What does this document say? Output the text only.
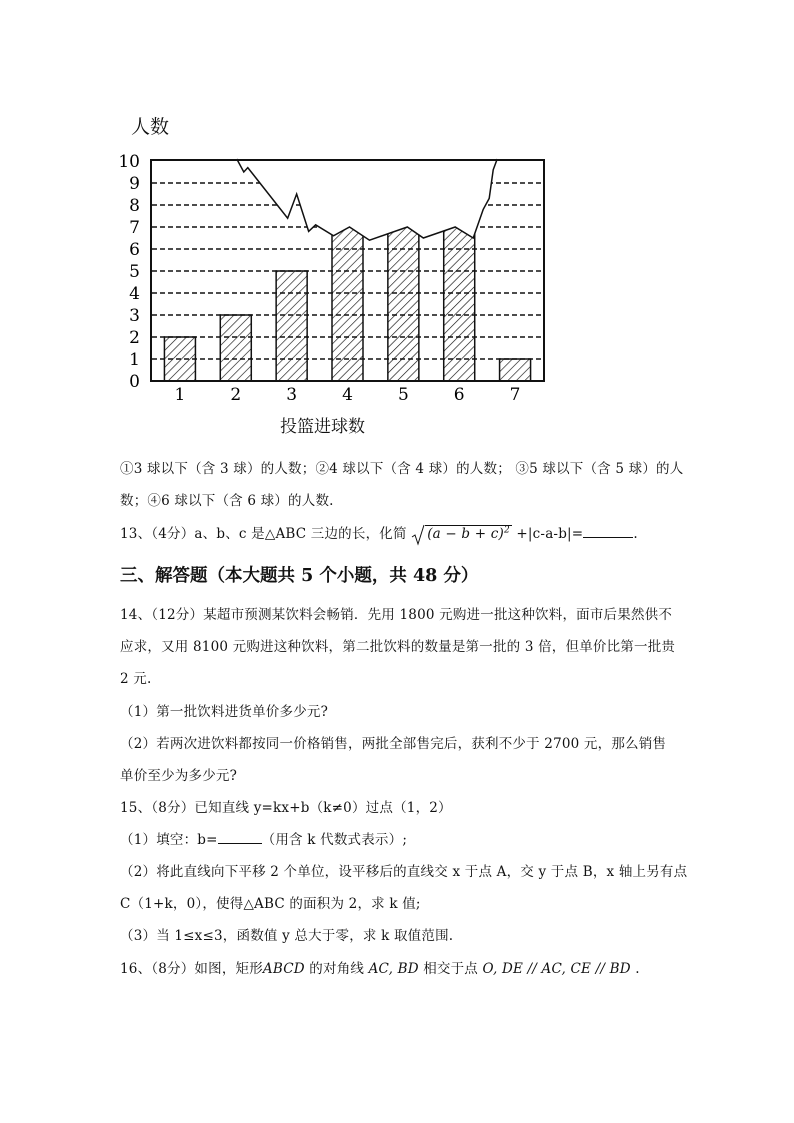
人数
0
1
2
3
4
5
6
7
8
9
10
1	2	3	4	5	6	7
投篮进球数
①3 球以下（含 3 球）的人数；②4 球以下（含 4 球）的人数； ③5 球以下（含 5 球）的人
数；④6 球以下（含 6 球）的人数.
13、（4分）a、b、c 是△ABC 三边的长，化简 $(a - b + c)^2 +|c-a-b|=$	.
三、解答题（本大题共 5 个小题，共 48 分）
14、（12分）某超市预测某饮料会畅销．先用 1800 元购进一批这种饮料，面市后果然供不
应求，又用 8100 元购进这种饮料，第二批饮料的数量是第一批的 3 倍，但单价比第一批贵
2 元.
（1）第一批饮料进货单价多少元?
（2）若两次进饮料都按同一价格销售，两批全部售完后，获利不少于 2700 元，那么销售
单价至少为多少元?
15、（8分）已知直线 y=kx+b（k≠0）过点（1，2）
（1）填空：b=	（用含 k 代数式表示）;
（2）将此直线向下平移 2 个单位，设平移后的直线交 x 于点 A，交 y 于点 B，x 轴上另有点
C（1+k，0），使得△ABC 的面积为 2，求 k 值;
（3）当 1≤x≤3，函数值 y 总大于零，求 k 取值范围.
16、（8分）如图，矩形ABCD 的对角线 AC, BD 相交于点 O, DE // AC, CE // BD .
